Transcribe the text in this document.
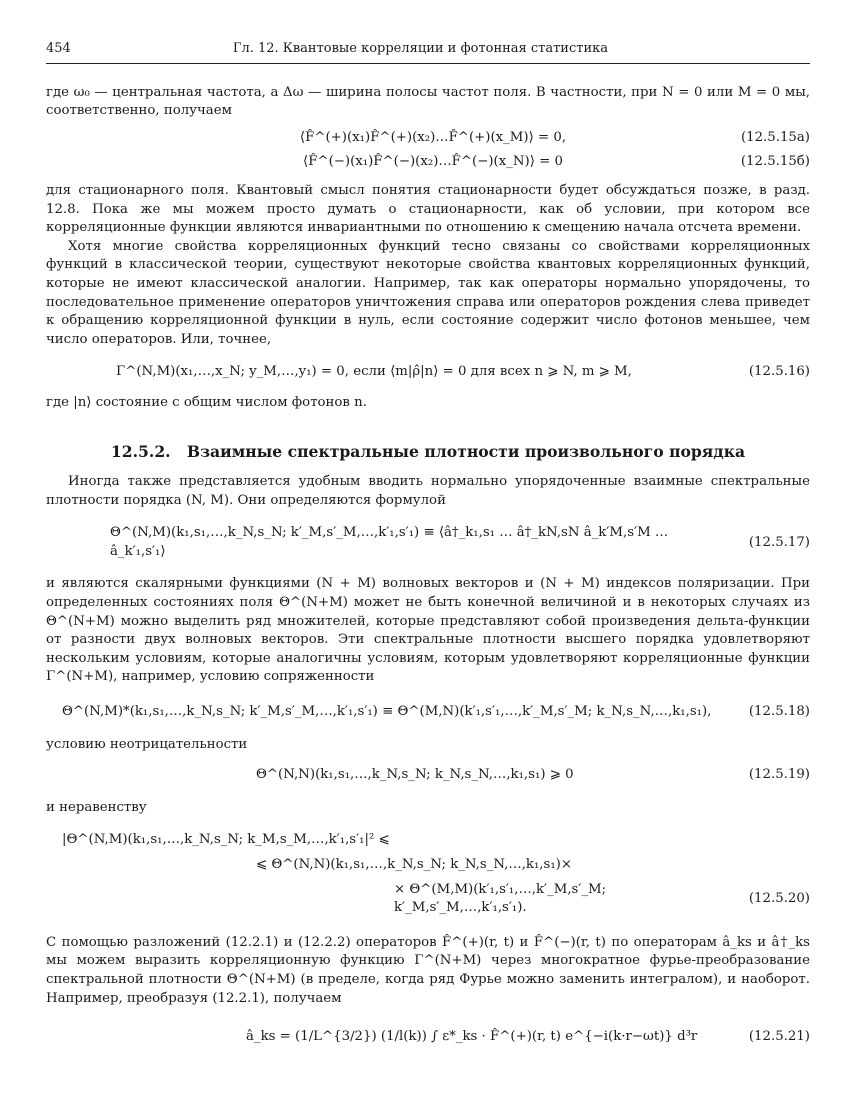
454	Гл. 12. Квантовые корреляции и фотонная статистика

где ω₀ — центральная частота, а Δω — ширина полосы частот поля. В частности, при N = 0 или M = 0 мы, соответственно, получаем

⟨F̂^(+)(x₁)F̂^(+)(x₂)…F̂^(+)(x_M)⟩ = 0,	(12.5.15а)
⟨F̂^(−)(x₁)F̂^(−)(x₂)…F̂^(−)(x_N)⟩ = 0	(12.5.15б)

для стационарного поля. Квантовый смысл понятия стационарности будет обсуждаться позже, в разд. 12.8. Пока же мы можем просто думать о стационарности, как об условии, при котором все корреляционные функции являются инвариантными по отношению к смещению начала отсчета времени.

Хотя многие свойства корреляционных функций тесно связаны со свойствами корреляционных функций в классической теории, существуют некоторые свойства квантовых корреляционных функций, которые не имеют классической аналогии. Например, так как операторы нормально упорядочены, то последовательное применение операторов уничтожения справа или операторов рождения слева приведет к обращению корреляционной функции в нуль, если состояние содержит число фотонов меньшее, чем число операторов. Или, точнее,

Γ^(N,M)(x₁,…,x_N; y_M,…,y₁) = 0, если ⟨m|ρ̂|n⟩ = 0 для всех n ⩾ N, m ⩾ M,	(12.5.16)

где |n⟩ состояние с общим числом фотонов n.

12.5.2. Взаимные спектральные плотности произвольного порядка

Иногда также представляется удобным вводить нормально упорядоченные взаимные спектральные плотности порядка (N, M). Они определяются формулой

Θ^(N,M)(k₁,s₁,…,k_N,s_N; k′_M,s′_M,…,k′₁,s′₁) ≡ ⟨â†_k₁,s₁ … â†_kN,sN â_k′M,s′M … â_k′₁,s′₁⟩
(12.5.17)

и являются скалярными функциями (N + M) волновых векторов и (N + M) индексов поляризации. При определенных состояниях поля Θ^(N+M) может не быть конечной величиной и в некоторых случаях из Θ^(N+M) можно выделить ряд множителей, которые представляют собой произведения дельта-функции от разности двух волновых векторов. Эти спектральные плотности высшего порядка удовлетворяют нескольким условиям, которые аналогичны условиям, которым удовлетворяют корреляционные функции Γ^(N+M), например, условию сопряженности

Θ^(N,M)*(k₁,s₁,…,k_N,s_N; k′_M,s′_M,…,k′₁,s′₁) ≡ Θ^(M,N)(k′₁,s′₁,…,k′_M,s′_M; k_N,s_N,…,k₁,s₁),	(12.5.18)

условию неотрицательности

Θ^(N,N)(k₁,s₁,…,k_N,s_N; k_N,s_N,…,k₁,s₁) ⩾ 0	(12.5.19)

и неравенству

|Θ^(N,M)(k₁,s₁,…,k_N,s_N; k_M,s_M,…,k′₁,s′₁|² ⩽
⩽ Θ^(N,N)(k₁,s₁,…,k_N,s_N; k_N,s_N,…,k₁,s₁)×
× Θ^(M,M)(k′₁,s′₁,…,k′_M,s′_M; k′_M,s′_M,…,k′₁,s′₁).
(12.5.20)

С помощью разложений (12.2.1) и (12.2.2) операторов F̂^(+)(r, t) и F̂^(−)(r, t) по операторам â_ks и â†_ks мы можем выразить корреляционную функцию Γ^(N+M) через многократное фурье-преобразование спектральной плотности Θ^(N+M) (в пределе, когда ряд Фурье можно заменить интегралом), и наоборот. Например, преобразуя (12.2.1), получаем

â_ks = (1/L^{3/2}) (1/l(k)) ∫ ε*_ks · F̂^(+)(r, t) e^{−i(k·r−ωt)} d³r	(12.5.21)
